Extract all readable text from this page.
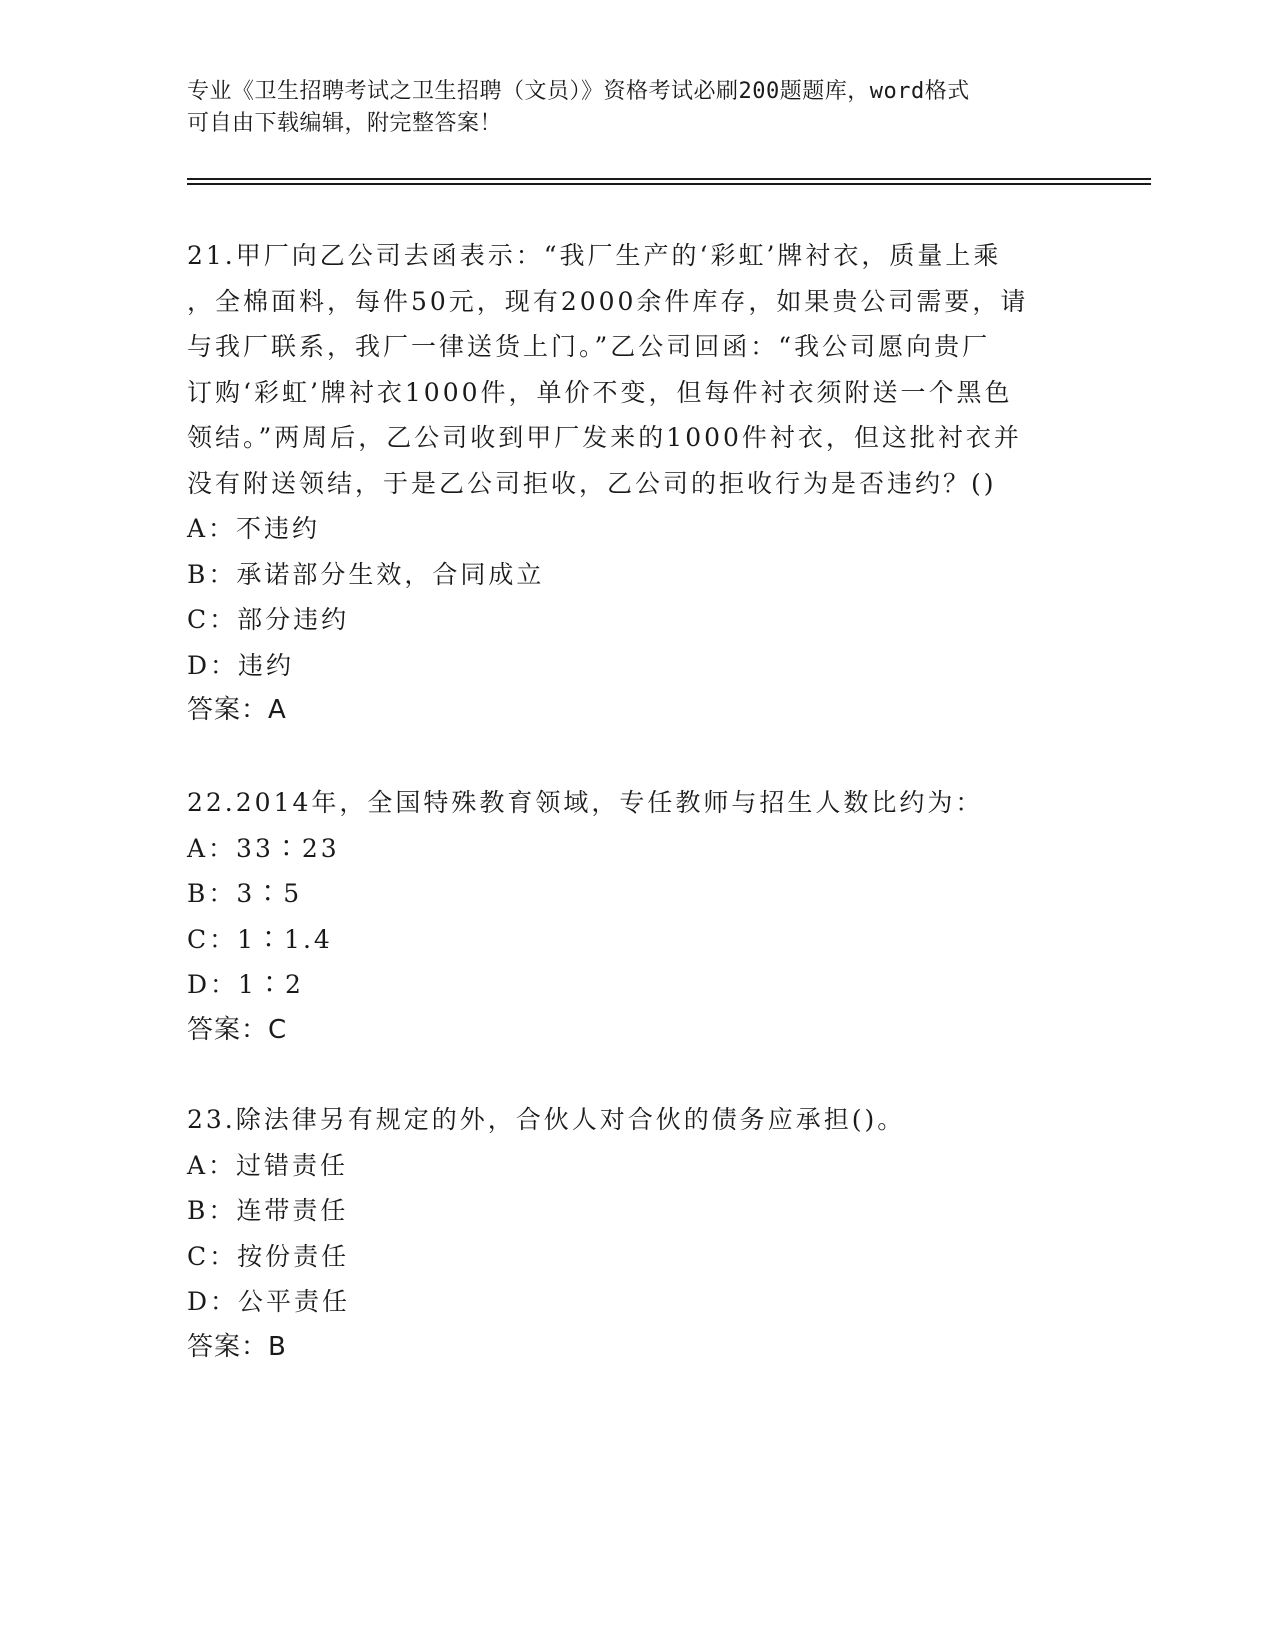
专业《卫生招聘考试之卫生招聘（文员）》资格考试必刷200题题库，word格式
可自由下载编辑，附完整答案！
21.甲厂向乙公司去函表示：“我厂生产的‘彩虹’牌衬衣，质量上乘
，全棉面料，每件50元，现有2000余件库存，如果贵公司需要，请
与我厂联系，我厂一律送货上门。”乙公司回函：“我公司愿向贵厂
订购‘彩虹’牌衬衣1000件，单价不变，但每件衬衣须附送一个黑色
领结。”两周后，乙公司收到甲厂发来的1000件衬衣，但这批衬衣并
没有附送领结，于是乙公司拒收，乙公司的拒收行为是否违约？()
A：不违约
B：承诺部分生效，合同成立
C：部分违约
D：违约
答案：A
22.2014年，全国特殊教育领域，专任教师与招生人数比约为：
A：33∶23
B：3∶5
C：1∶1.4
D：1∶2
答案：C
23.除法律另有规定的外，合伙人对合伙的债务应承担()。
A：过错责任
B：连带责任
C：按份责任
D：公平责任
答案：B
